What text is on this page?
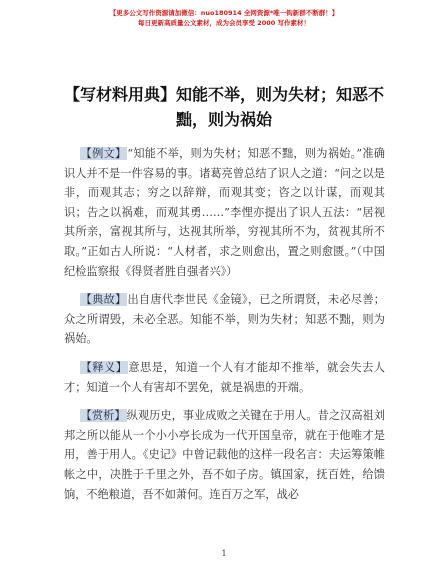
【更多公文写作资源请加微信：nuo180914 全网资源*唯一钩新群不断群！】
每日更新高质量公文素材，成为会员享受 2000 写作素材！
【写材料用典】知能不举，则为失材；知恶不黜，则为祸始

【例文】“知能不举，则为失材；知恶不黜，则为祸始。”准确识人并不是一件容易的事。诸葛亮曾总结了识人之道：“问之以是非，而观其志；穷之以辞辩，而观其变；咨之以计谋，而观其识；告之以祸难，而观其勇……”李悝亦提出了识人五法：“居视其所亲，富视其所与，达视其所举，穷视其所不为，贫视其所不取。”正如古人所说：“人材者，求之则愈出，置之则愈匮。”（中国纪检监察报《得贤者胜自强者兴》）

【典故】出自唐代李世民《金镜》，已之所谓贤，未必尽善；众之所谓毁，未必全恶。知能不举，则为失材；知恶不黜，则为祸始。

【释义】意思是，知道一个人有才能却不推举，就会失去人才；知道一个人有害却不罢免，就是祸患的开端。

【赏析】纵观历史，事业成败之关键在于用人。昔之汉高祖刘邦之所以能从一个小小亭长成为一代开国皇帝，就在于他唯才是用，善于用人。《史记》中曾记载他的这样一段名言：夫运筹策帷帐之中，决胜于千里之外，吾不如子房。镇国家，抚百姓，给馈饷，不绝粮道，吾不如萧何。连百万之军，战必

1
